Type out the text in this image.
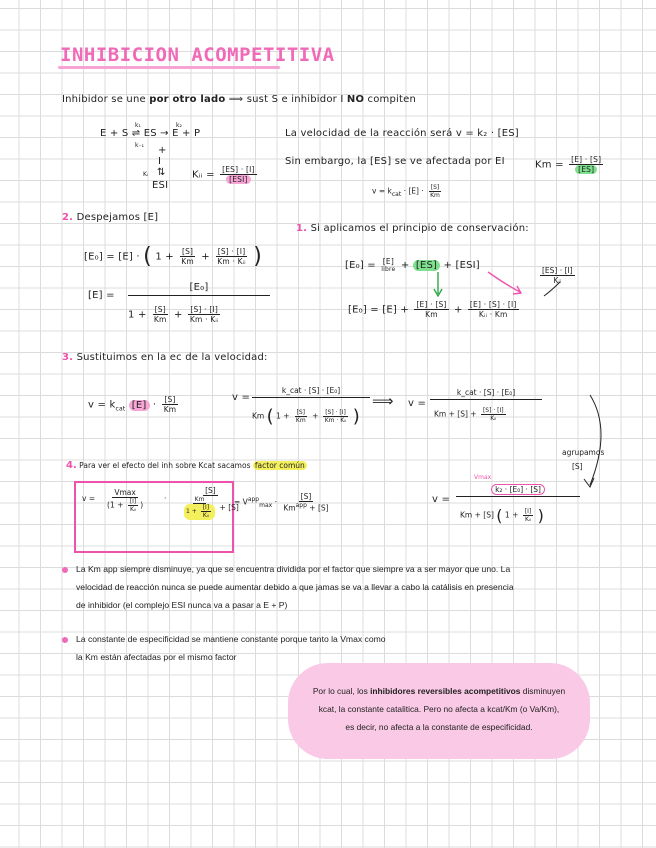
INHIBICION ACOMPETITIVA
Inhibidor se une por otro lado ⟹ sust S e inhibidor I NO compiten
E + S ⇌ ES → E + P
k₁
k₋₁
k₂
+
I
⇅
Kᵢ
ESI
Kᵢᵢ = $\frac{[ES] \cdot [I]}{\text{[ESI]}}$
La velocidad de la reacción será v = k₂ · [ES]
Sin embargo, la [ES] se ve afectada por EI	$Km = \frac{[E] \cdot [S]}{[ES]}$
$v = k_{cat} \cdot [E] \cdot \frac{[S]}{Km}$
2. Despejamos [E]
[E₀] = [E] · ( $1 + \frac{[S]}{Km} + \frac{[S] \cdot [I]}{\text{Km · Kᵢᵢ}}$ )
[E] =
[E₀]
$1 + \frac{[S]}{Km} + \frac{[S] \cdot [I]}{\text{Km · Kᵢᵢ}}$
1. Si aplicamos el principio de conservación:
[E₀] = [E]
libre + [ES] + [ESI]
$\frac{[ES] \cdot [I]}{\text{Kᵢᵢ}}$
$[E_0] = [E] + \frac{[E] \cdot [S]}{Km} + \frac{[E] \cdot [S] \cdot [I]}{\text{Kᵢᵢ · Km}}$
3. Sustituimos en la ec de la velocidad:
$v = k_{cat}$ $[E] \cdot \frac{[S]}{Km}$	v =
k_cat · [S] · [E₀]
Km ( $1 + \frac{[S]}{Km} + \frac{[S] \cdot [I]}{\text{Km · Kᵢᵢ}}$ )
⟹ v =
k_cat · [S] · [E₀]
$Km + [S] + \frac{[S] \cdot [I]}{\text{Kᵢᵢ}}$
agrupamos
[S]
4. Para ver el efecto del inh sobre Kcat sacamos factor común
$v = \frac{Vmax}{(1 + \frac{[I]}{\text{Kᵢᵢ}} )}$	· $\frac{[S]}{\frac{Km}{1 + \frac{[I]}{\text{Kᵢᵢ}}} + [S]}$
= $V^{app}_{max} \cdot \frac{[S]}{Km^{app} + [S]}$
Vmax
v =
k₂ · [E₀] · [S]
Km + [S] ( $1 + \frac{[I]}{\text{Kᵢᵢ}}$ )
La Km app siempre disminuye, ya que se encuentra dividida por el factor que siempre va a ser mayor que uno. La
velocidad de reacción nunca se puede aumentar debido a que jamas se va a llevar a cabo la catálisis en presencia
de inhibidor (el complejo ESI nunca va a pasar a E + P)
La constante de especificidad se mantiene constante porque tanto la Vmax como
la Km están afectadas por el mismo factor
Por lo cual, los inhibidores reversibles acompetitivos disminuyen
kcat, la constante catalitica. Pero no afecta a kcat/Km (o Va/Km),
es decir, no afecta a la constante de especificidad.
